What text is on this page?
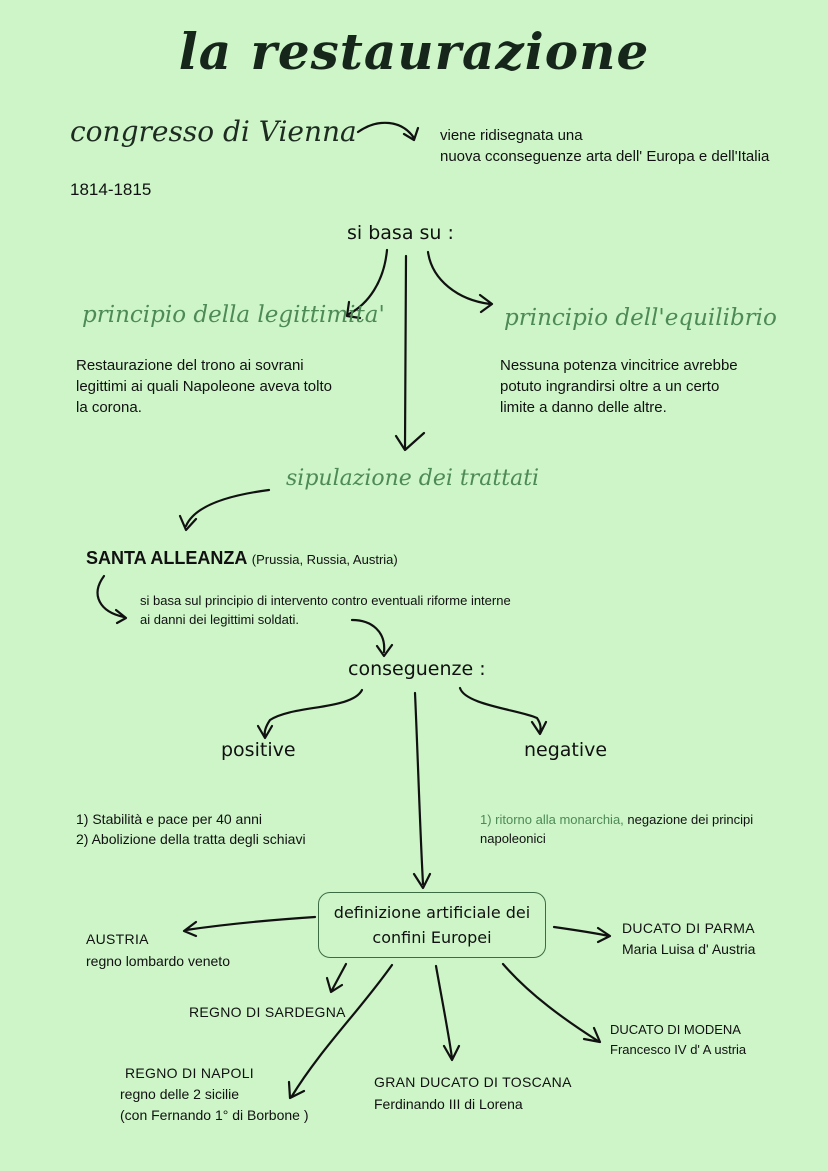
la restaurazione
congresso di Vienna	viene ridisegnata una
nuova cconseguenze arta dell' Europa e dell'Italia
1814-1815
si basa su :
principio della legittimita'
Restaurazione del trono ai sovrani
legittimi ai quali Napoleone aveva tolto
la corona.
principio dell'equilibrio
Nessuna potenza vincitrice avrebbe
potuto ingrandirsi oltre a un certo
limite a danno delle altre.
sipulazione dei trattati
SANTA ALLEANZA (Prussia, Russia, Austria)
si basa sul principio di intervento contro eventuali riforme interne
ai danni dei legittimi soldati.
conseguenze :
positive	negative
1) Stabilità e pace per 40 anni
2) Abolizione della tratta degli schiavi
1) ritorno alla monarchia, negazione dei principi
napoleonici
definizione artificiale dei
confini Europei
AUSTRIA
regno lombardo veneto
DUCATO DI PARMA
Maria Luisa d' Austria
REGNO DI SARDEGNA
DUCATO DI MODENA
Francesco IV d' A ustria
REGNO DI NAPOLI
regno delle 2 sicilie
(con Fernando 1° di Borbone )
GRAN DUCATO DI TOSCANA
Ferdinando III di Lorena
